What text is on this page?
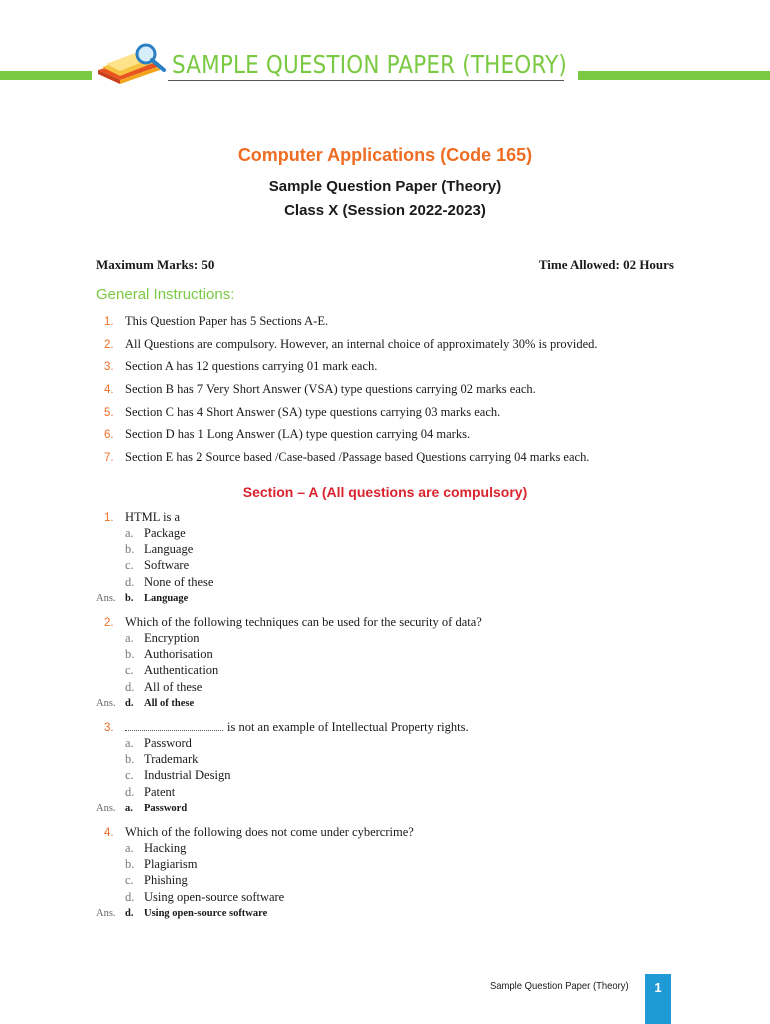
SAMPLE QUESTION PAPER (THEORY)
Computer Applications (Code 165)
Sample Question Paper (Theory)
Class X (Session 2022-2023)
Maximum Marks: 50	Time Allowed: 02 Hours
General Instructions:
1. This Question Paper has 5 Sections A-E.
2. All Questions are compulsory. However, an internal choice of approximately 30% is provided.
3. Section A has 12 questions carrying 01 mark each.
4. Section B has 7 Very Short Answer (VSA) type questions carrying 02 marks each.
5. Section C has 4 Short Answer (SA) type questions carrying 03 marks each.
6. Section D has 1 Long Answer (LA) type question carrying 04 marks.
7. Section E has 2 Source based /Case-based /Passage based Questions carrying 04 marks each.
Section – A (All questions are compulsory)
1. HTML is a
a. Package
b. Language
c. Software
d. None of these
Ans. b.	Language
2. Which of the following techniques can be used for the security of data?
a. Encryption
b. Authorisation
c. Authentication
d. All of these
Ans. d.	All of these
3.	is not an example of Intellectual Property rights.
a. Password
b. Trademark
c. Industrial Design
d. Patent
Ans. a.	Password
4. Which of the following does not come under cybercrime?
a. Hacking
b. Plagiarism
c. Phishing
d. Using open-source software
Ans. d.	Using open-source software
Sample Question Paper (Theory)	1
